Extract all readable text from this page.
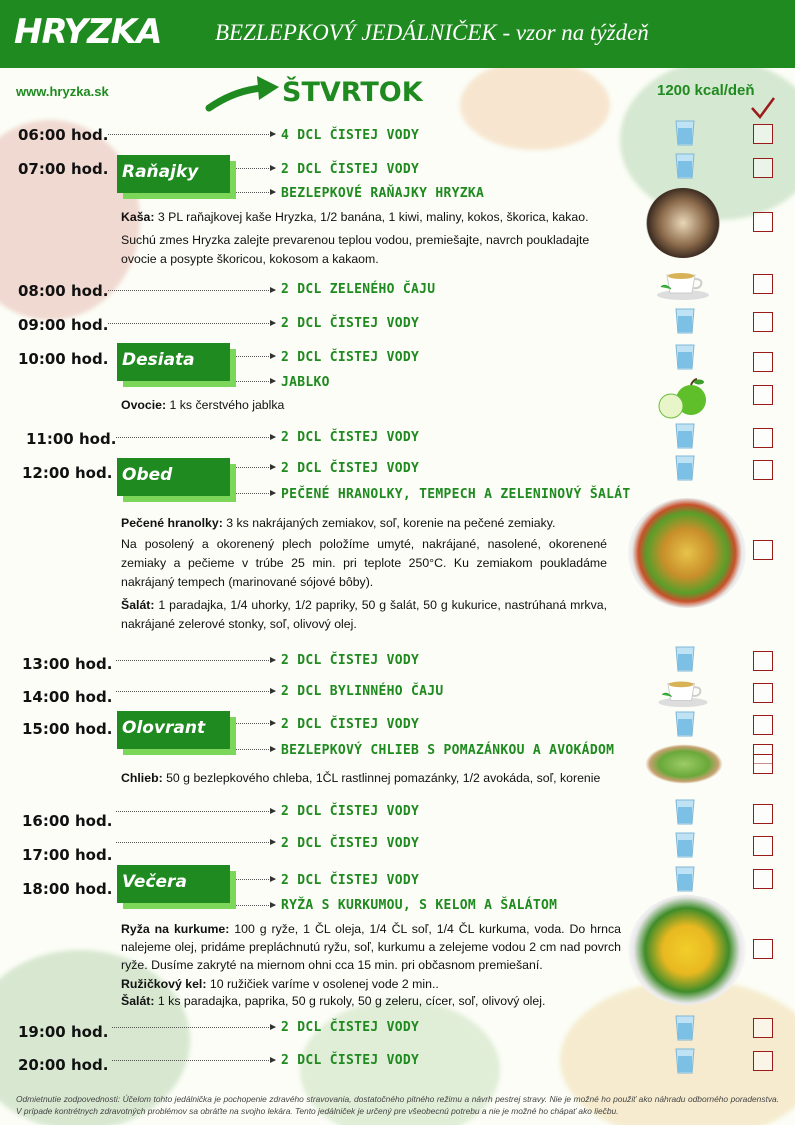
HRYZKA BEZLEPKOVÝ JEDÁLNIČEK - vzor na týždeň
www.hryzka.sk	ŠTVRTOK	1200 kcal/deň
06:00 hod.	4 DCL ČISTEJ VODY
07:00 hod. Raňajky	2 DCL ČISTEJ VODY
BEZLEPKOVÉ RAŇAJKY HRYZKA
Kaša: 3 PL raňajkovej kaše Hryzka, 1/2 banána, 1 kiwi, maliny, kokos, škorica, kakao.
Suchú zmes Hryzka zalejte prevarenou teplou vodou, premiešajte, navrch poukladajte ovocie a posypte škoricou, kokosom a kakaom.
08:00 hod.	2 DCL ZELENÉHO ČAJU
09:00 hod.	2 DCL ČISTEJ VODY
10:00 hod. Desiata	2 DCL ČISTEJ VODY
JABLKO
Ovocie: 1 ks čerstvého jablka
11:00 hod.	2 DCL ČISTEJ VODY
12:00 hod. Obed	2 DCL ČISTEJ VODY
PEČENÉ HRANOLKY, TEMPECH A ZELENINOVÝ ŠALÁT
Pečené hranolky: 3 ks nakrájaných zemiakov, soľ, korenie na pečené zemiaky.
Na posolený a okorenený plech položíme umyté, nakrájané, nasolené, okorenené zemiaky a pečieme v trúbe 25 min. pri teplote 250°C. Ku zemiakom poukladáme nakrájaný tempech (marinované sójové bôby).
Šalát: 1 paradajka, 1/4 uhorky, 1/2 papriky, 50 g šalát, 50 g kukurice, nastrúhaná mrkva, nakrájané zelerové stonky, soľ, olivový olej.
13:00 hod.	2 DCL ČISTEJ VODY
14:00 hod.	2 DCL BYLINNÉHO ČAJU
15:00 hod. Olovrant	2 DCL ČISTEJ VODY
BEZLEPKOVÝ CHLIEB S POMAZÁNKOU A AVOKÁDOM
Chlieb: 50 g bezlepkového chleba, 1ČL rastlinnej pomazánky, 1/2 avokáda, soľ, korenie
16:00 hod.
2 DCL ČISTEJ VODY
17:00 hod.
2 DCL ČISTEJ VODY
18:00 hod. Večera	2 DCL ČISTEJ VODY
RYŽA S KURKUMOU, S KELOM A ŠALÁTOM
Ryža na kurkume: 100 g ryže, 1 ČL oleja, 1/4 ČL soľ, 1/4 ČL kurkuma, voda. Do hrnca nalejeme olej, pridáme prepláchnutú ryžu, soľ, kurkumu a zelejeme vodou 2 cm nad povrch ryže. Dusíme zakryté na miernom ohni cca 15 min. pri občasnom premiešaní.
Ružičkový kel: 10 ružičiek varíme v osolenej vode 2 min..
Šalát: 1 ks paradajka, paprika, 50 g rukoly, 50 g zeleru, cícer, soľ, olivový olej.
19:00 hod.	2 DCL ČISTEJ VODY
20:00 hod.	2 DCL ČISTEJ VODY
Odmietnutie zodpovednosti: Účelom tohto jedálnička je pochopenie zdravého stravovania, dostatočného pitného režimu a návrh pestrej stravy. Nie je možné ho použiť ako náhradu odborného poradenstva. V prípade kontrétnych zdravotných problémov sa obráťte na svojho lekára. Tento jedálniček je určený pre všeobecnú potrebu a nie je možné ho chápať ako liečbu.
